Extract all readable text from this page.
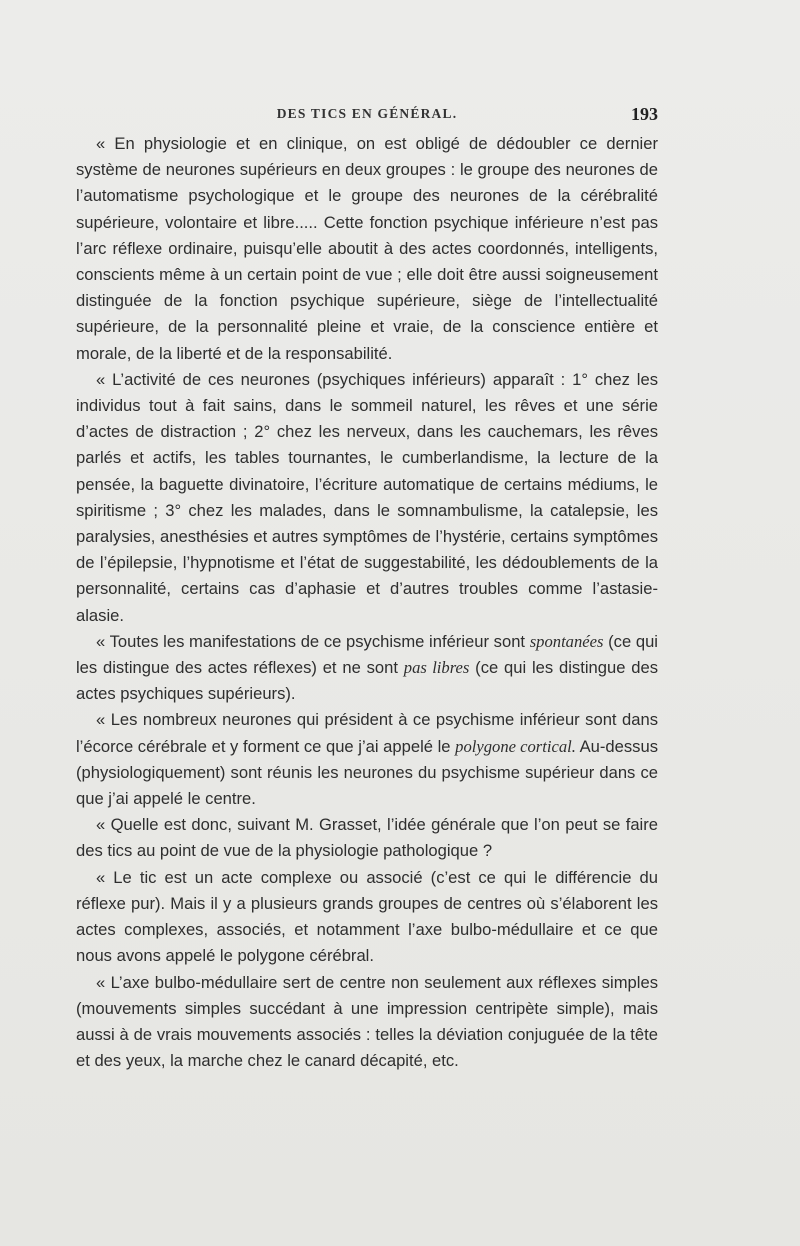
DES TICS EN GÉNÉRAL.	193

« En physiologie et en clinique, on est obligé de dédoubler ce dernier système de neurones supérieurs en deux groupes : le groupe des neurones de l’automatisme psychologique et le groupe des neurones de la cérébralité supérieure, volontaire et libre..... Cette fonction psychique inférieure n’est pas l’arc réflexe ordinaire, puisqu’elle aboutit à des actes coordonnés, intelligents, conscients même à un certain point de vue ; elle doit être aussi soigneusement distinguée de la fonction psychique supérieure, siège de l’intellectualité supérieure, de la personnalité pleine et vraie, de la conscience entière et morale, de la liberté et de la responsabilité.

« L’activité de ces neurones (psychiques inférieurs) apparaît : 1° chez les individus tout à fait sains, dans le sommeil naturel, les rêves et une série d’actes de distraction ; 2° chez les nerveux, dans les cauchemars, les rêves parlés et actifs, les tables tournantes, le cumberlandisme, la lecture de la pensée, la baguette divinatoire, l’écriture automatique de certains médiums, le spiritisme ; 3° chez les malades, dans le somnambulisme, la catalepsie, les paralysies, anesthésies et autres symptômes de l’hystérie, certains symptômes de l’épilepsie, l’hypnotisme et l’état de suggestabilité, les dédoublements de la personnalité, certains cas d’aphasie et d’autres troubles comme l’astasie-alasie.

« Toutes les manifestations de ce psychisme inférieur sont spontanées (ce qui les distingue des actes réflexes) et ne sont pas libres (ce qui les distingue des actes psychiques supérieurs).

« Les nombreux neurones qui président à ce psychisme inférieur sont dans l’écorce cérébrale et y forment ce que j’ai appelé le polygone cortical. Au-dessus (physiologiquement) sont réunis les neurones du psychisme supérieur dans ce que j’ai appelé le centre.

« Quelle est donc, suivant M. Grasset, l’idée générale que l’on peut se faire des tics au point de vue de la physiologie pathologique ?

« Le tic est un acte complexe ou associé (c’est ce qui le différencie du réflexe pur). Mais il y a plusieurs grands groupes de centres où s’élaborent les actes complexes, associés, et notamment l’axe bulbo-médullaire et ce que nous avons appelé le polygone cérébral.

« L’axe bulbo-médullaire sert de centre non seulement aux réflexes simples (mouvements simples succédant à une impression centripète simple), mais aussi à de vrais mouvements associés : telles la déviation conjuguée de la tête et des yeux, la marche chez le canard décapité, etc.
